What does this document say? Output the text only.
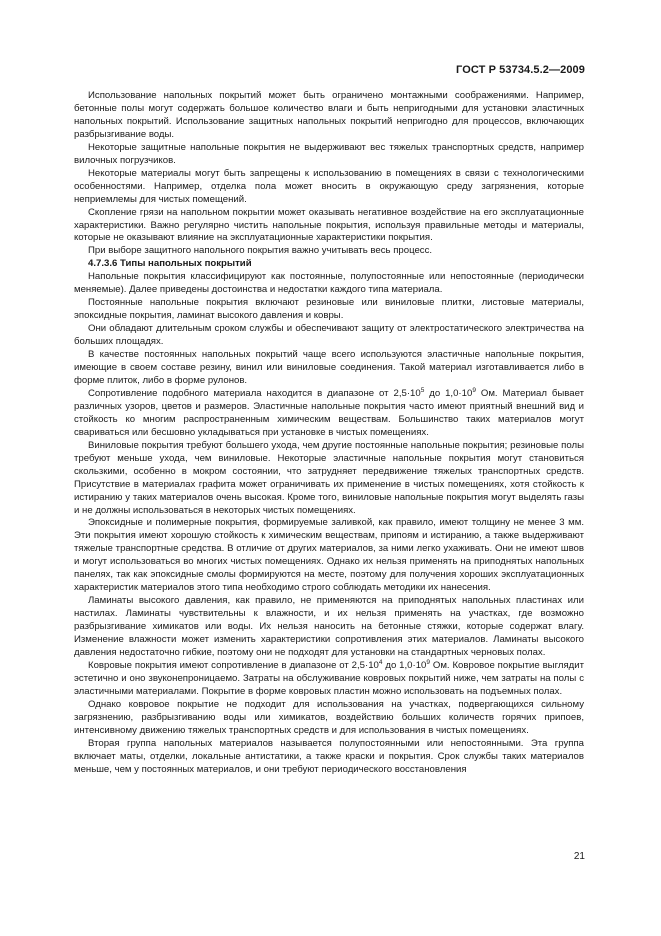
ГОСТ Р 53734.5.2—2009

Использование напольных покрытий может быть ограничено монтажными соображениями. Например, бетонные полы могут содержать большое количество влаги и быть непригодными для установки эластичных напольных покрытий. Использование защитных напольных покрытий непригодно для процессов, включающих разбрызгивание воды.

Некоторые защитные напольные покрытия не выдерживают вес тяжелых транспортных средств, например вилочных погрузчиков.

Некоторые материалы могут быть запрещены к использованию в помещениях в связи с технологическими особенностями. Например, отделка пола может вносить в окружающую среду загрязнения, которые неприемлемы для чистых помещений.

Скопление грязи на напольном покрытии может оказывать негативное воздействие на его эксплуатационные характеристики. Важно регулярно чистить напольные покрытия, используя правильные методы и материалы, которые не оказывают влияние на эксплуатационные характеристики покрытия.

При выборе защитного напольного покрытия важно учитывать весь процесс.

4.7.3.6 Типы напольных покрытий

Напольные покрытия классифицируют как постоянные, полупостоянные или непостоянные (периодически меняемые). Далее приведены достоинства и недостатки каждого типа материала.

Постоянные напольные покрытия включают резиновые или виниловые плитки, листовые материалы, эпоксидные покрытия, ламинат высокого давления и ковры.

Они обладают длительным сроком службы и обеспечивают защиту от электростатического электричества на больших площадях.

В качестве постоянных напольных покрытий чаще всего используются эластичные напольные покрытия, имеющие в своем составе резину, винил или виниловые соединения. Такой материал изготавливается либо в форме плиток, либо в форме рулонов.

Сопротивление подобного материала находится в диапазоне от $2,5\cdot 10^5$ до $1,0\cdot 10^9$ Ом. Материал бывает различных узоров, цветов и размеров. Эластичные напольные покрытия часто имеют приятный внешний вид и стойкость ко многим распространенным химическим веществам. Большинство таких материалов могут свариваться или бесшовно укладываться при установке в чистых помещениях.

Виниловые покрытия требуют большего ухода, чем другие постоянные напольные покрытия; резиновые полы требуют меньше ухода, чем виниловые. Некоторые эластичные напольные покрытия могут становиться скользкими, особенно в мокром состоянии, что затрудняет передвижение тяжелых транспортных средств. Присутствие в материалах графита может ограничивать их применение в чистых помещениях, хотя стойкость к истиранию у таких материалов очень высокая. Кроме того, виниловые напольные покрытия могут выделять газы и не должны использоваться в некоторых чистых помещениях.

Эпоксидные и полимерные покрытия, формируемые заливкой, как правило, имеют толщину не менее 3 мм. Эти покрытия имеют хорошую стойкость к химическим веществам, припоям и истиранию, а также выдерживают тяжелые транспортные средства. В отличие от других материалов, за ними легко ухаживать. Они не имеют швов и могут использоваться во многих чистых помещениях. Однако их нельзя применять на приподнятых напольных панелях, так как эпоксидные смолы формируются на месте, поэтому для получения хороших эксплуатационных характеристик материалов этого типа необходимо строго соблюдать методики их нанесения.

Ламинаты высокого давления, как правило, не применяются на приподнятых напольных пластинах или настилах. Ламинаты чувствительны к влажности, и их нельзя применять на участках, где возможно разбрызгивание химикатов или воды. Их нельзя наносить на бетонные стяжки, которые содержат влагу. Изменение влажности может изменить характеристики сопротивления этих материалов. Ламинаты высокого давления недостаточно гибкие, поэтому они не подходят для установки на стандартных черновых полах.

Ковровые покрытия имеют сопротивление в диапазоне от $2,5\cdot 10^4$ до $1,0\cdot 10^9$ Ом. Ковровое покрытие выглядит эстетично и оно звуконепроницаемо. Затраты на обслуживание ковровых покрытий ниже, чем затраты на полы с эластичными материалами. Покрытие в форме ковровых пластин можно использовать на подъемных полах.

Однако ковровое покрытие не подходит для использования на участках, подвергающихся сильному загрязнению, разбрызгиванию воды или химикатов, воздействию больших количеств горячих припоев, интенсивному движению тяжелых транспортных средств и для использования в чистых помещениях.

Вторая группа напольных материалов называется полупостоянными или непостоянными. Эта группа включает маты, отделки, локальные антистатики, а также краски и покрытия. Срок службы таких материалов меньше, чем у постоянных материалов, и они требуют периодического восстановления

21
